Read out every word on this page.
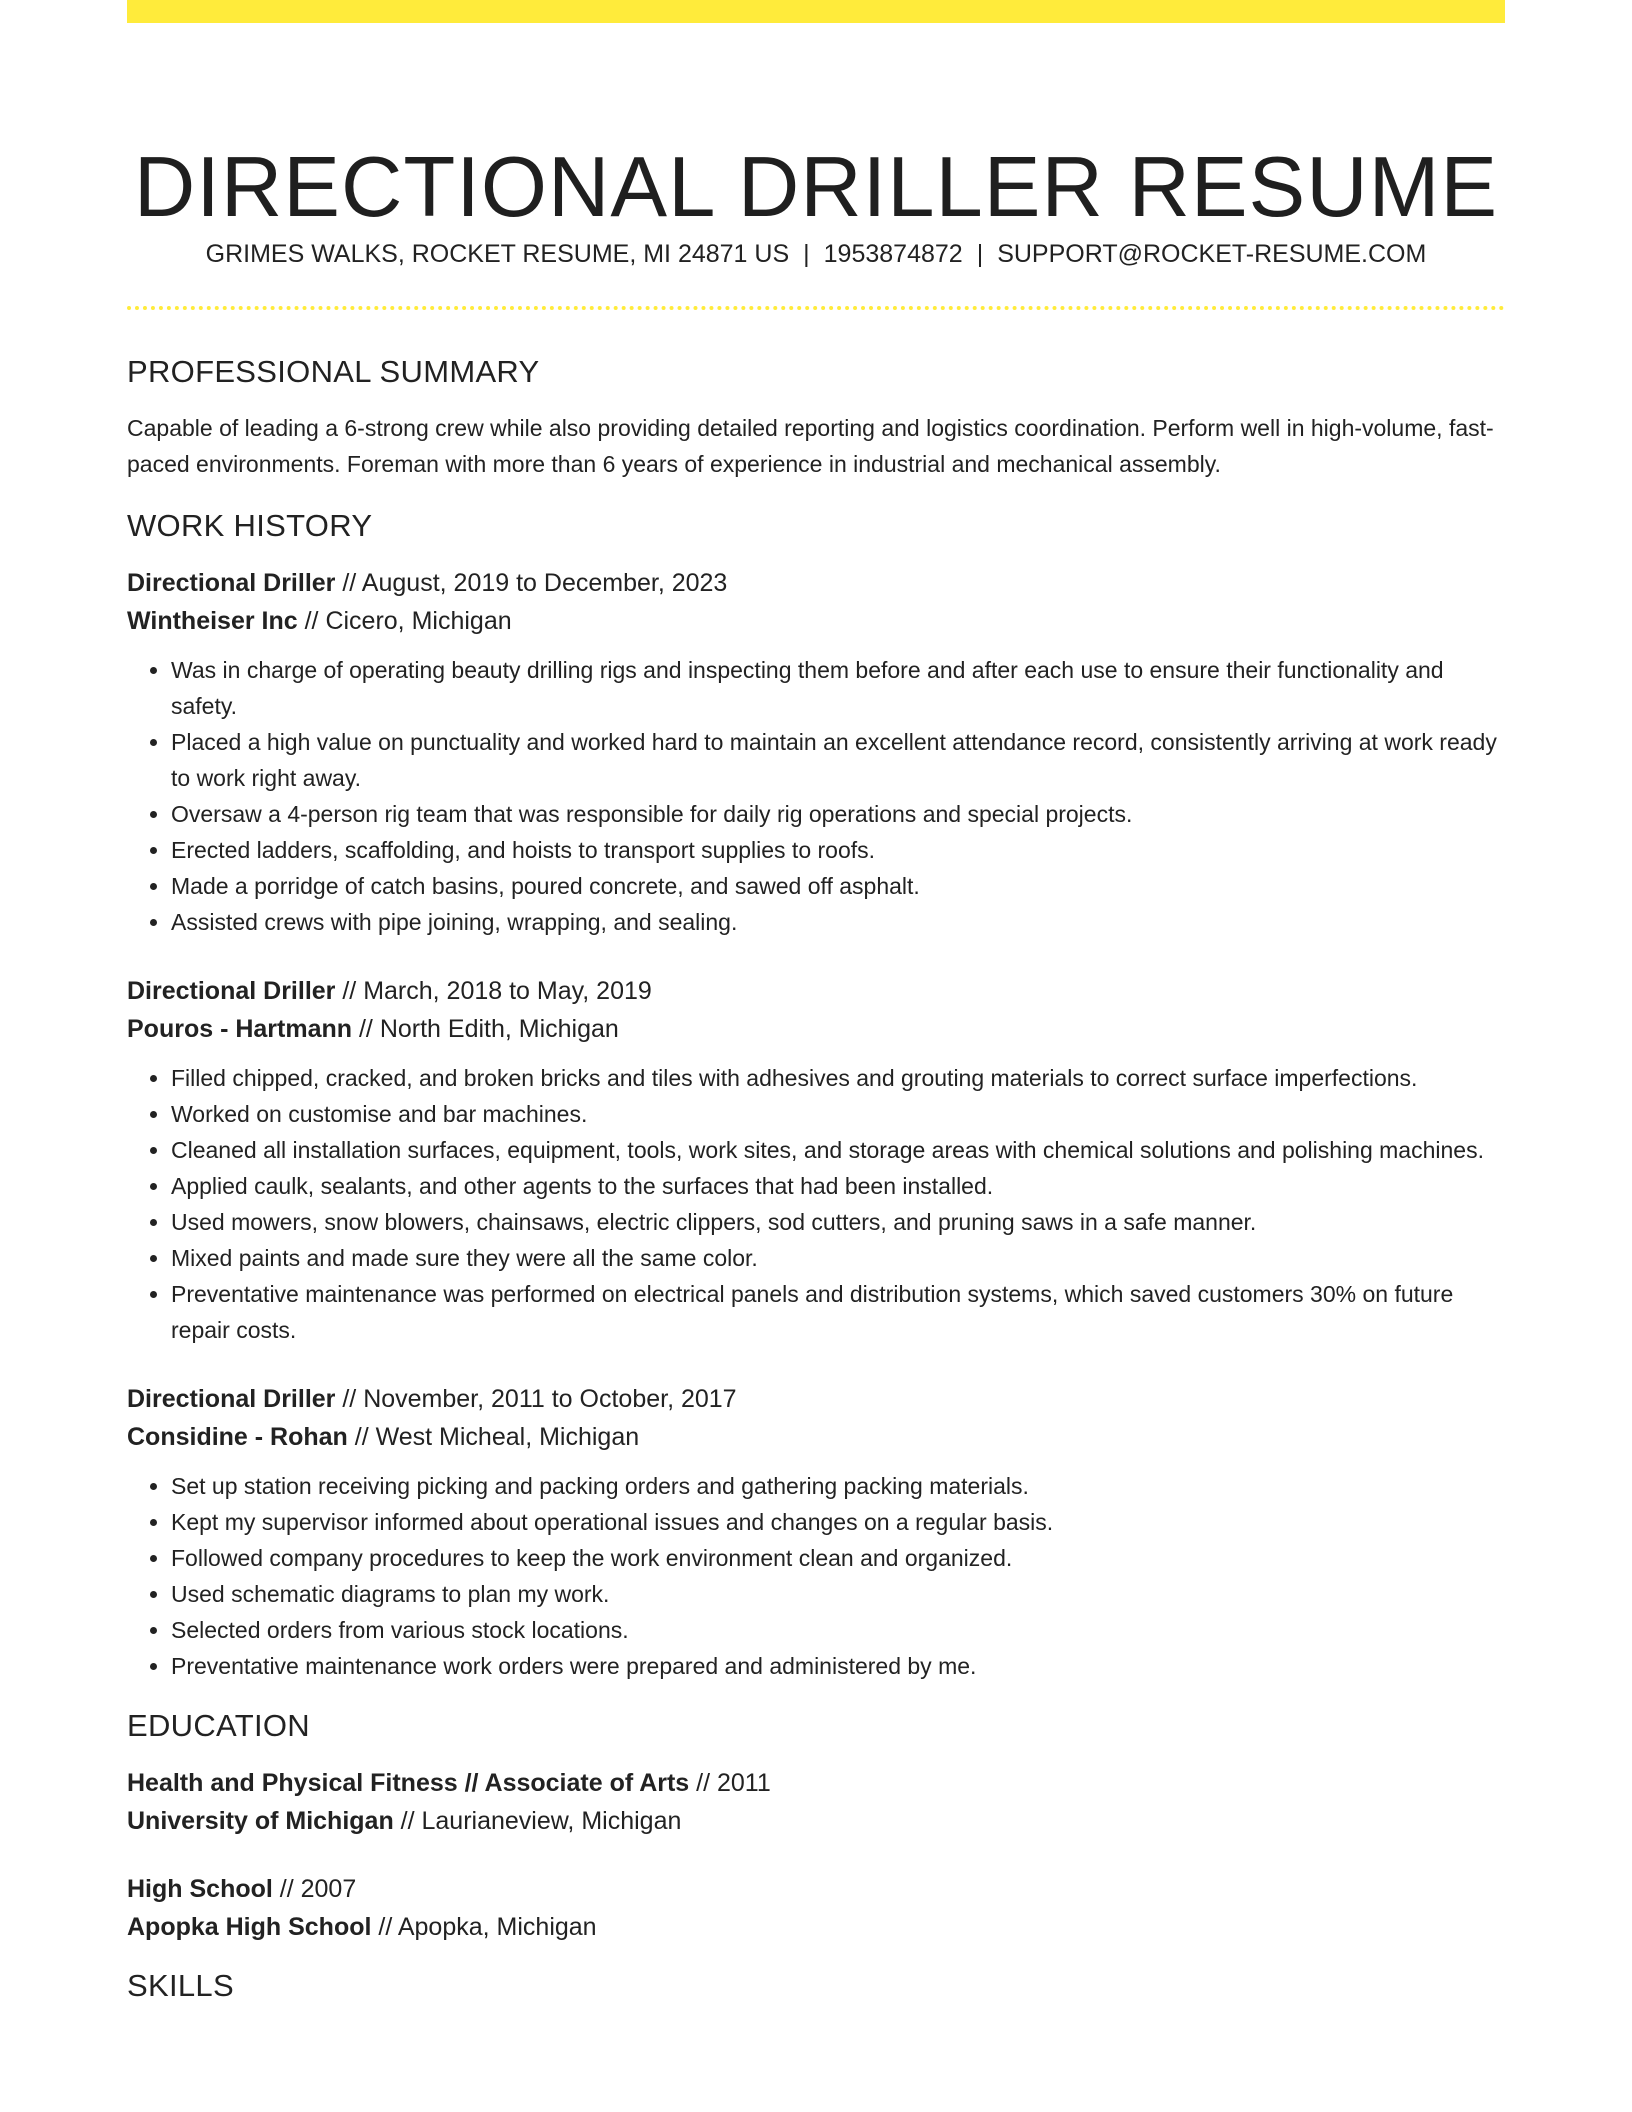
DIRECTIONAL DRILLER RESUME
GRIMES WALKS, ROCKET RESUME, MI 24871 US | 1953874872 | SUPPORT@ROCKET-RESUME.COM
PROFESSIONAL SUMMARY

Capable of leading a 6-strong crew while also providing detailed reporting and logistics coordination. Perform well in high-volume, fast-paced environments. Foreman with more than 6 years of experience in industrial and mechanical assembly.

WORK HISTORY
Directional Driller // August, 2019 to December, 2023
Wintheiser Inc // Cicero, Michigan
• Was in charge of operating beauty drilling rigs and inspecting them before and after each use to ensure their functionality and safety.
• Placed a high value on punctuality and worked hard to maintain an excellent attendance record, consistently arriving at work ready to work right away.
• Oversaw a 4-person rig team that was responsible for daily rig operations and special projects.
• Erected ladders, scaffolding, and hoists to transport supplies to roofs.
• Made a porridge of catch basins, poured concrete, and sawed off asphalt.
• Assisted crews with pipe joining, wrapping, and sealing.
Directional Driller // March, 2018 to May, 2019
Pouros - Hartmann // North Edith, Michigan
• Filled chipped, cracked, and broken bricks and tiles with adhesives and grouting materials to correct surface imperfections.
• Worked on customise and bar machines.
• Cleaned all installation surfaces, equipment, tools, work sites, and storage areas with chemical solutions and polishing machines.
• Applied caulk, sealants, and other agents to the surfaces that had been installed.
• Used mowers, snow blowers, chainsaws, electric clippers, sod cutters, and pruning saws in a safe manner.
• Mixed paints and made sure they were all the same color.
• Preventative maintenance was performed on electrical panels and distribution systems, which saved customers 30% on future repair costs.
Directional Driller // November, 2011 to October, 2017
Considine - Rohan // West Micheal, Michigan
• Set up station receiving picking and packing orders and gathering packing materials.
• Kept my supervisor informed about operational issues and changes on a regular basis.
• Followed company procedures to keep the work environment clean and organized.
• Used schematic diagrams to plan my work.
• Selected orders from various stock locations.
• Preventative maintenance work orders were prepared and administered by me.
EDUCATION
Health and Physical Fitness // Associate of Arts // 2011
University of Michigan // Laurianeview, Michigan
High School // 2007
Apopka High School // Apopka, Michigan
SKILLS
